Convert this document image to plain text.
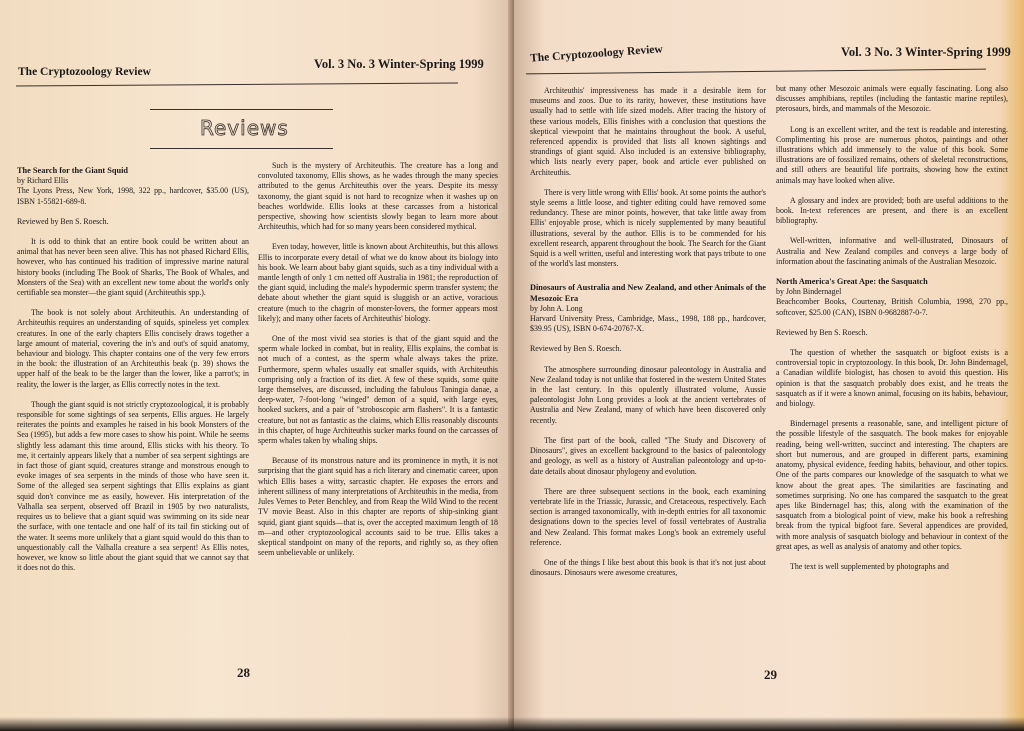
The Cryptozoology Review
Vol. 3 No. 3 Winter-Spring 1999
Reviews
The Search for the Giant Squid
by Richard Ellis
The Lyons Press, New York, 1998, 322 pp., hardcover, $35.00 (US), ISBN 1-55821-689-8.
Reviewed by Ben S. Roesch.

It is odd to think that an entire book could be written about an animal that has never been seen alive. This has not phased Richard Ellis, however, who has continued his tradition of impressive marine natural history books (including The Book of Sharks, The Book of Whales, and Monsters of the Sea) with an excellent new tome about the world's only certifiable sea monster—the giant squid (Architeuthis spp.).

The book is not solely about Architeuthis. An understanding of Architeuthis requires an understanding of squids, spineless yet complex creatures. In one of the early chapters Ellis concisely draws together a large amount of material, covering the in's and out's of squid anatomy, behaviour and biology. This chapter contains one of the very few errors in the book: the illustration of an Architeuthis beak (p. 39) shows the upper half of the beak to be the larger than the lower, like a parrot's; in reality, the lower is the larger, as Ellis correctly notes in the text.

Though the giant squid is not strictly cryptozoological, it is probably responsible for some sightings of sea serpents, Ellis argues. He largely reiterates the points and examples he raised in his book Monsters of the Sea (1995), but adds a few more cases to show his point. While he seems slightly less adamant this time around, Ellis sticks with his theory. To me, it certainly appears likely that a number of sea serpent sightings are in fact those of giant squid, creatures strange and monstrous enough to evoke images of sea serpents in the minds of those who have seen it. Some of the alleged sea serpent sightings that Ellis explains as giant squid don't convince me as easily, however. His interpretation of the Valhalla sea serpent, observed off Brazil in 1905 by two naturalists, requires us to believe that a giant squid was swimming on its side near the surface, with one tentacle and one half of its tail fin sticking out of the water. It seems more unlikely that a giant squid would do this than to unquestionably call the Valhalla creature a sea serpent! As Ellis notes, however, we know so little about the giant squid that we cannot say that it does not do this.

Such is the mystery of Architeuthis. The creature has a long and convoluted taxonomy, Ellis shows, as he wades through the many species attributed to the genus Architeuthis over the years. Despite its messy taxonomy, the giant squid is not hard to recognize when it washes up on beaches worldwide. Ellis looks at these carcasses from a historical perspective, showing how scientists slowly began to learn more about Architeuthis, which had for so many years been considered mythical.

Even today, however, little is known about Architeuthis, but this allows Ellis to incorporate every detail of what we do know about its biology into his book. We learn about baby giant squids, such as a tiny individual with a mantle length of only 1 cm netted off Australia in 1981; the reproduction of the giant squid, including the male's hypodermic sperm transfer system; the debate about whether the giant squid is sluggish or an active, voracious creature (much to the chagrin of monster-lovers, the former appears most likely); and many other facets of Architeuthis' biology.

One of the most vivid sea stories is that of the giant squid and the sperm whale locked in combat, but in reality, Ellis explains, the combat is not much of a contest, as the sperm whale always takes the prize. Furthermore, sperm whales usually eat smaller squids, with Architeuthis comprising only a fraction of its diet. A few of these squids, some quite large themselves, are discussed, including the fabulous Taningia danae, a deep-water, 7-foot-long "winged" demon of a squid, with large eyes, hooked suckers, and a pair of "stroboscopic arm flashers". It is a fantastic creature, but not as fantastic as the claims, which Ellis reasonably discounts in this chapter, of huge Architeuthis sucker marks found on the carcasses of sperm whales taken by whaling ships.

Because of its monstrous nature and its prominence in myth, it is not surprising that the giant squid has a rich literary and cinematic career, upon which Ellis bases a witty, sarcastic chapter. He exposes the errors and inherent silliness of many interpretations of Architeuthis in the media, from Jules Vernes to Peter Benchley, and from Reap the Wild Wind to the recent TV movie Beast. Also in this chapter are reports of ship-sinking giant squid, giant giant squids—that is, over the accepted maximum length of 18 m—and other cryptozoological accounts said to be true. Ellis takes a skeptical standpoint on many of the reports, and rightly so, as they often seem unbelievable or unlikely.

28
The Cryptozoology Review	Vol. 3 No. 3 Winter-Spring 1999

Architeuthis' impressiveness has made it a desirable item for museums and zoos. Due to its rarity, however, these institutions have usually had to settle with life sized models. After tracing the history of these various models, Ellis finishes with a conclusion that questions the skeptical viewpoint that he maintains throughout the book. A useful, referenced appendix is provided that lists all known sightings and strandings of giant squid. Also included is an extensive bibliography, which lists nearly every paper, book and article ever published on Architeuthis.

There is very little wrong with Ellis' book. At some points the author's style seems a little loose, and tighter editing could have removed some redundancy. These are minor points, however, that take little away from Ellis' enjoyable prose, which is nicely supplemented by many beautiful illustrations, several by the author. Ellis is to be commended for his excellent research, apparent throughout the book. The Search for the Giant Squid is a well written, useful and interesting work that pays tribute to one of the world's last monsters.

Dinosaurs of Australia and New Zealand, and other Animals of the Mesozoic Era
by John A. Long
Harvard University Press, Cambridge, Mass., 1998, 188 pp., hardcover, $39.95 (US), ISBN 0-674-20767-X.
Reviewed by Ben S. Roesch.

The atmosphere surrounding dinosaur paleontology in Australia and New Zealand today is not unlike that fostered in the western United States in the last century. In this opulently illustrated volume, Aussie paleontologist John Long provides a look at the ancient vertebrates of Australia and New Zealand, many of which have been discovered only recently.

The first part of the book, called "The Study and Discovery of Dinosaurs", gives an excellent background to the basics of paleontology and geology, as well as a history of Australian paleontology and up-to-date details about dinosaur phylogeny and evolution.

There are three subsequent sections in the book, each examining vertebrate life in the Triassic, Jurassic, and Cretaceous, respectively. Each section is arranged taxonomically, with in-depth entries for all taxonomic designations down to the species level of fossil vertebrates of Australia and New Zealand. This format makes Long's book an extremely useful reference.

One of the things I like best about this book is that it's not just about dinosaurs. Dinosaurs were awesome creatures,

but many other Mesozoic animals were equally fascinating. Long also discusses amphibians, reptiles (including the fantastic marine reptiles), pterosaurs, birds, and mammals of the Mesozoic.

Long is an excellent writer, and the text is readable and interesting. Complimenting his prose are numerous photos, paintings and other illustrations which add immensely to the value of this book. Some illustrations are of fossilized remains, others of skeletal reconstructions, and still others are beautiful life portraits, showing how the extinct animals may have looked when alive.

A glossary and index are provided; both are useful additions to the book. In-text references are present, and there is an excellent bibliography.

Well-written, informative and well-illustrated, Dinosaurs of Australia and New Zealand compiles and conveys a large body of information about the fascinating animals of the Australian Mesozoic.

North America's Great Ape: the Sasquatch
by John Bindernagel
Beachcomber Books, Courtenay, British Columbia, 1998, 270 pp., softcover, $25.00 (CAN), ISBN 0-9682887-0-7.
Reviewed by Ben S. Roesch.

The question of whether the sasquatch or bigfoot exists is a controversial topic in cryptozoology. In this book, Dr. John Bindernagel, a Canadian wildlife biologist, has chosen to avoid this question. His opinion is that the sasquatch probably does exist, and he treats the sasquatch as if it were a known animal, focusing on its habits, behaviour, and biology.

Bindernagel presents a reasonable, sane, and intelligent picture of the possible lifestyle of the sasquatch. The book makes for enjoyable reading, being well-written, succinct and interesting. The chapters are short but numerous, and are grouped in different parts, examining anatomy, physical evidence, feeding habits, behaviour, and other topics. One of the parts compares our knowledge of the sasquatch to what we know about the great apes. The similarities are fascinating and sometimes surprising. No one has compared the sasquatch to the great apes like Bindernagel has; this, along with the examination of the sasquatch from a biological point of view, make his book a refreshing break from the typical bigfoot fare. Several appendices are provided, with more analysis of sasquatch biology and behaviour in context of the great apes, as well as analysis of anatomy and other topics.

The text is well supplemented by photographs and

29
